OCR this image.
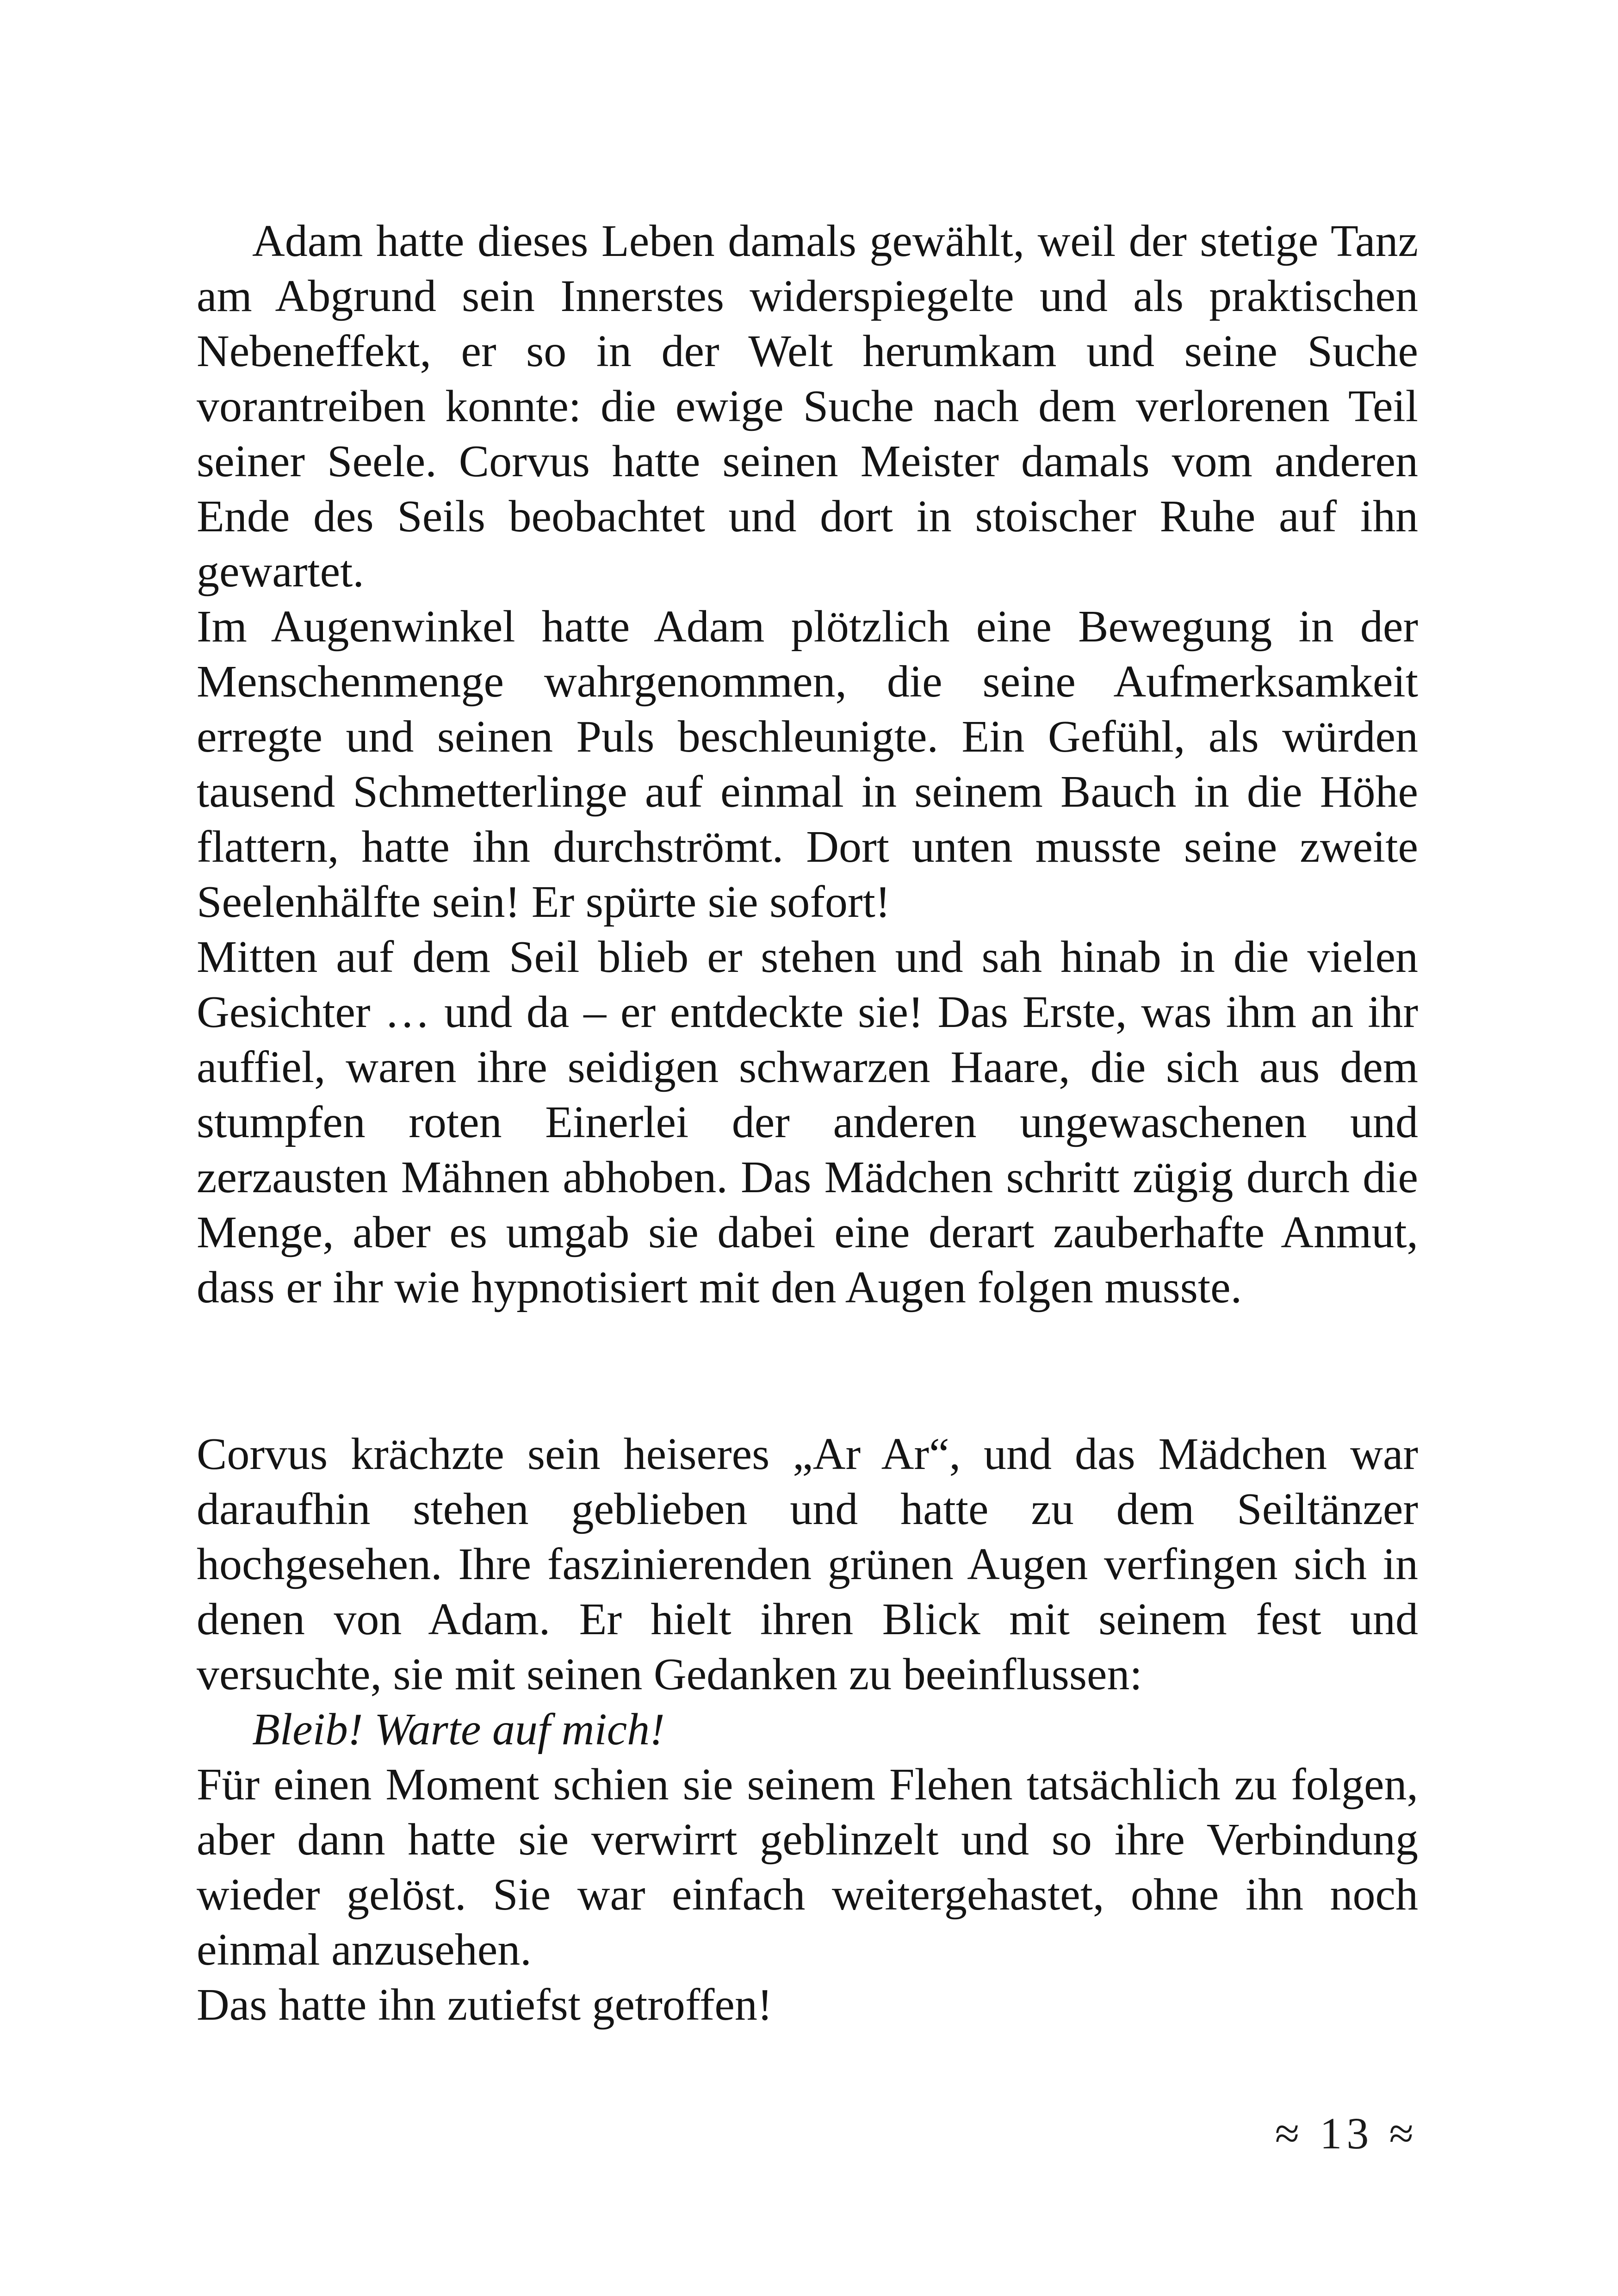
Adam hatte dieses Leben damals gewählt, weil der stetige Tanz am Abgrund sein Innerstes widerspiegelte und als praktischen Nebeneffekt, er so in der Welt herumkam und seine Suche vorantreiben konnte: die ewige Suche nach dem verlorenen Teil seiner Seele. Corvus hatte seinen Meister damals vom anderen Ende des Seils beobachtet und dort in stoischer Ruhe auf ihn gewartet.

Im Augenwinkel hatte Adam plötzlich eine Bewegung in der Menschenmenge wahrgenommen, die seine Aufmerksamkeit erregte und seinen Puls beschleunigte. Ein Gefühl, als würden tausend Schmetterlinge auf einmal in seinem Bauch in die Höhe flattern, hatte ihn durchströmt. Dort unten musste seine zweite Seelenhälfte sein! Er spürte sie sofort!

Mitten auf dem Seil blieb er stehen und sah hinab in die vielen Gesichter … und da – er entdeckte sie! Das Erste, was ihm an ihr auffiel, waren ihre seidigen schwarzen Haare, die sich aus dem stumpfen roten Einerlei der anderen ungewaschenen und zerzausten Mähnen abhoben. Das Mädchen schritt zügig durch die Menge, aber es umgab sie dabei eine derart zauberhafte Anmut, dass er ihr wie hypnotisiert mit den Augen folgen musste.

Corvus krächzte sein heiseres „Ar Ar“, und das Mädchen war daraufhin stehen geblieben und hatte zu dem Seiltänzer hochgesehen. Ihre faszinierenden grünen Augen verfingen sich in denen von Adam. Er hielt ihren Blick mit seinem fest und versuchte, sie mit seinen Gedanken zu beeinflussen:

Bleib! Warte auf mich!

Für einen Moment schien sie seinem Flehen tatsächlich zu folgen, aber dann hatte sie verwirrt geblinzelt und so ihre Verbindung wieder gelöst. Sie war einfach weitergehastet, ohne ihn noch einmal anzusehen.

Das hatte ihn zutiefst getroffen!

≈ 13 ≈
